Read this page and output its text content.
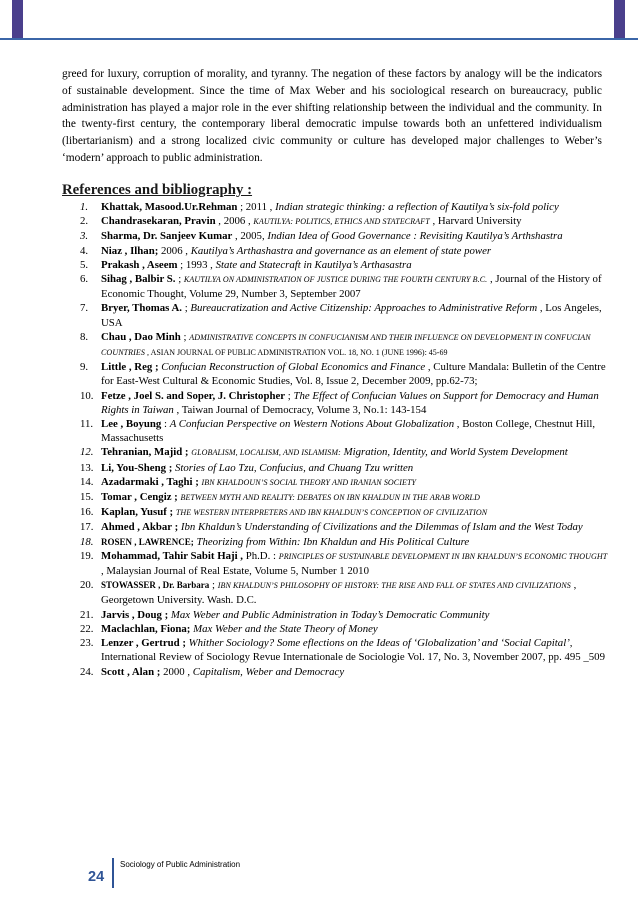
greed for luxury, corruption of morality, and tyranny. The negation of these factors by analogy will be the indicators of sustainable development. Since the time of Max Weber and his sociological research on bureaucracy, public administration has played a major role in the ever shifting relationship between the individual and the community. In the twenty-first century, the contemporary liberal democratic impulse towards both an unfettered individualism (libertarianism) and a strong localized civic community or culture has developed major challenges to Weber’s ‘modern’ approach to public administration.

References and bibliography :
1. Khattak, Masood.Ur.Rehman ; 2011 , Indian strategic thinking: a reflection of Kautilya’s six-fold policy
2. Chandrasekaran, Pravin , 2006 , KAUTILYA: POLITICS, ETHICS AND STATECRAFT , Harvard University
3. Sharma, Dr. Sanjeev Kumar , 2005, Indian Idea of Good Governance : Revisiting Kautilya’s Arthshastra
4. Niaz , Ilhan; 2006 , Kautilya’s Arthashastra and governance as an element of state power
5. Prakash , Aseem ; 1993 , State and Statecraft in Kautilya’s Arthasastra
6. Sihag , Balbir S. ; KAUTILYA ON ADMINISTRATION OF JUSTICE DURING THE FOURTH CENTURY B.C. , Journal of the History of Economic Thought, Volume 29, Number 3, September 2007
7. Bryer, Thomas A. ; Bureaucratization and Active Citizenship: Approaches to Administrative Reform , Los Angeles, USA
8. Chau , Dao Minh ; ADMINISTRATIVE CONCEPTS IN CONFUCIANISM AND THEIR INFLUENCE ON DEVELOPMENT IN CONFUCIAN COUNTRIES , ASIAN JOURNAL OF PUBLIC ADMINISTRATION VOL. 18, NO. 1 (JUNE 1996): 45-69
9. Little , Reg ; Confucian Reconstruction of Global Economics and Finance , Culture Mandala: Bulletin of the Centre for East-West Cultural & Economic Studies, Vol. 8, Issue 2, December 2009, pp.62-73;
10. Fetze , Joel S. and Soper, J. Christopher ; The Effect of Confucian Values on Support for Democracy and Human Rights in Taiwan , Taiwan Journal of Democracy, Volume 3, No.1: 143-154
11. Lee , Boyung : A Confucian Perspective on Western Notions About Globalization , Boston College, Chestnut Hill, Massachusetts
12. Tehranian, Majid ; GLOBALISM, LOCALISM, AND ISLAMISM: Migration, Identity, and World System Development
13. Li, You-Sheng ; Stories of Lao Tzu, Confucius, and Chuang Tzu written
14. Azadarmaki , Taghi ; IBN KHALDOUN’S SOCIAL THEORY AND IRANIAN SOCIETY
15. Tomar , Cengiz ; BETWEEN MYTH AND REALITY: DEBATES ON IBN KHALDUN IN THE ARAB WORLD
16. Kaplan, Yusuf ; THE WESTERN INTERPRETERS AND IBN KHALDUN’S CONCEPTION OF CIVILIZATION
17. Ahmed , Akbar ; Ibn Khaldun’s Understanding of Civilizations and the Dilemmas of Islam and the West Today
18. ROSEN , LAWRENCE; Theorizing from Within: Ibn Khaldun and His Political Culture
19. Mohammad, Tahir Sabit Haji , Ph.D. : PRINCIPLES OF SUSTAINABLE DEVELOPMENT IN IBN KHALDUN’S ECONOMIC THOUGHT , Malaysian Journal of Real Estate, Volume 5, Number 1 2010
20. STOWASSER , Dr. Barbara ; IBN KHALDUN’S PHILOSOPHY OF HISTORY: THE RISE AND FALL OF STATES AND CIVILIZATIONS , Georgetown University. Wash. D.C.
21. Jarvis , Doug ; Max Weber and Public Administration in Today’s Democratic Community
22. Maclachlan, Fiona; Max Weber and the State Theory of Money
23. Lenzer , Gertrud ; Whither Sociology? Some eflections on the Ideas of ‘Globalization’ and ‘Social Capital’, International Review of Sociology Revue Internationale de Sociologie Vol. 17, No. 3, November 2007, pp. 495 _509
24. Scott , Alan ; 2000 , Capitalism, Weber and Democracy
24
Sociology of Public Administration
